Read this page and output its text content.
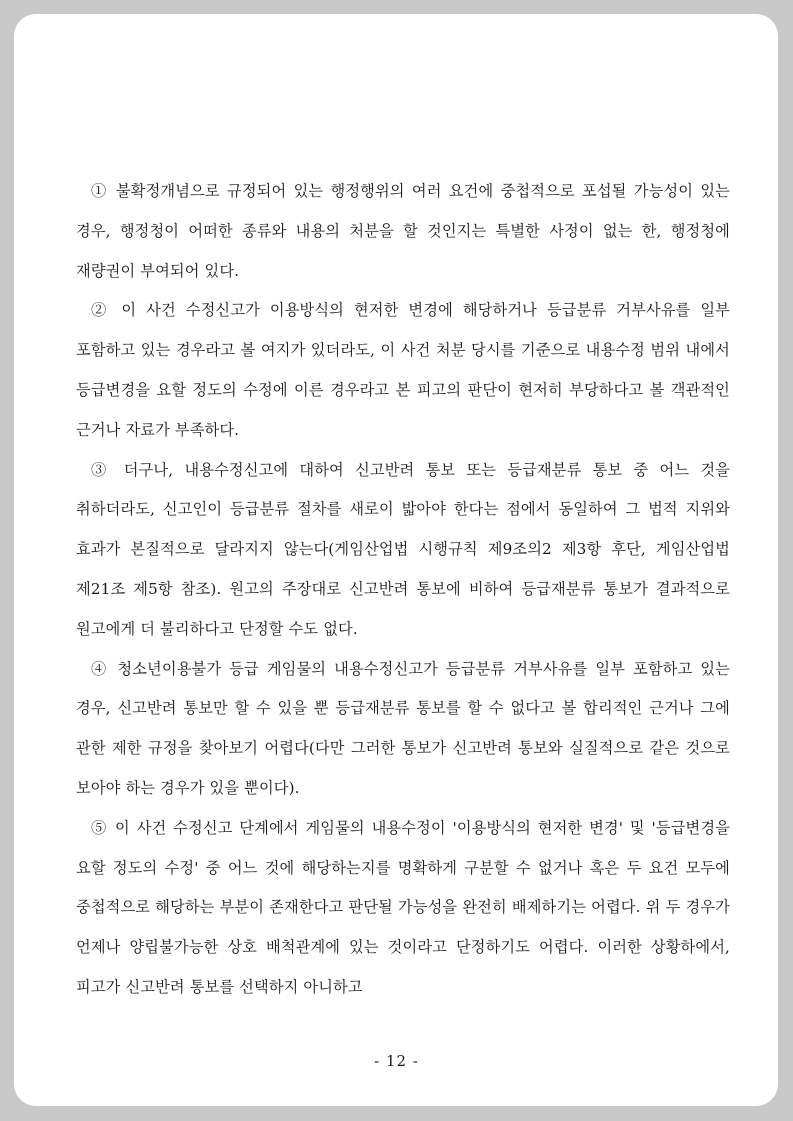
① 불확정개념으로 규정되어 있는 행정행위의 여러 요건에 중첩적으로 포섭될 가능성이 있는 경우, 행정청이 어떠한 종류와 내용의 처분을 할 것인지는 특별한 사정이 없는 한, 행정청에 재량권이 부여되어 있다.

② 이 사건 수정신고가 이용방식의 현저한 변경에 해당하거나 등급분류 거부사유를 일부 포함하고 있는 경우라고 볼 여지가 있더라도, 이 사건 처분 당시를 기준으로 내용수정 범위 내에서 등급변경을 요할 정도의 수정에 이른 경우라고 본 피고의 판단이 현저히 부당하다고 볼 객관적인 근거나 자료가 부족하다.

③ 더구나, 내용수정신고에 대하여 신고반려 통보 또는 등급재분류 통보 중 어느 것을 취하더라도, 신고인이 등급분류 절차를 새로이 밟아야 한다는 점에서 동일하여 그 법적 지위와 효과가 본질적으로 달라지지 않는다(게임산업법 시행규칙 제9조의2 제3항 후단, 게임산업법 제21조 제5항 참조). 원고의 주장대로 신고반려 통보에 비하여 등급재분류 통보가 결과적으로 원고에게 더 불리하다고 단정할 수도 없다.

④ 청소년이용불가 등급 게임물의 내용수정신고가 등급분류 거부사유를 일부 포함하고 있는 경우, 신고반려 통보만 할 수 있을 뿐 등급재분류 통보를 할 수 없다고 볼 합리적인 근거나 그에 관한 제한 규정을 찾아보기 어렵다(다만 그러한 통보가 신고반려 통보와 실질적으로 같은 것으로 보아야 하는 경우가 있을 뿐이다).

⑤ 이 사건 수정신고 단계에서 게임물의 내용수정이 '이용방식의 현저한 변경' 및 '등급변경을 요할 정도의 수정' 중 어느 것에 해당하는지를 명확하게 구분할 수 없거나 혹은 두 요건 모두에 중첩적으로 해당하는 부분이 존재한다고 판단될 가능성을 완전히 배제하기는 어렵다. 위 두 경우가 언제나 양립불가능한 상호 배척관계에 있는 것이라고 단정하기도 어렵다. 이러한 상황하에서, 피고가 신고반려 통보를 선택하지 아니하고

- 12 -
